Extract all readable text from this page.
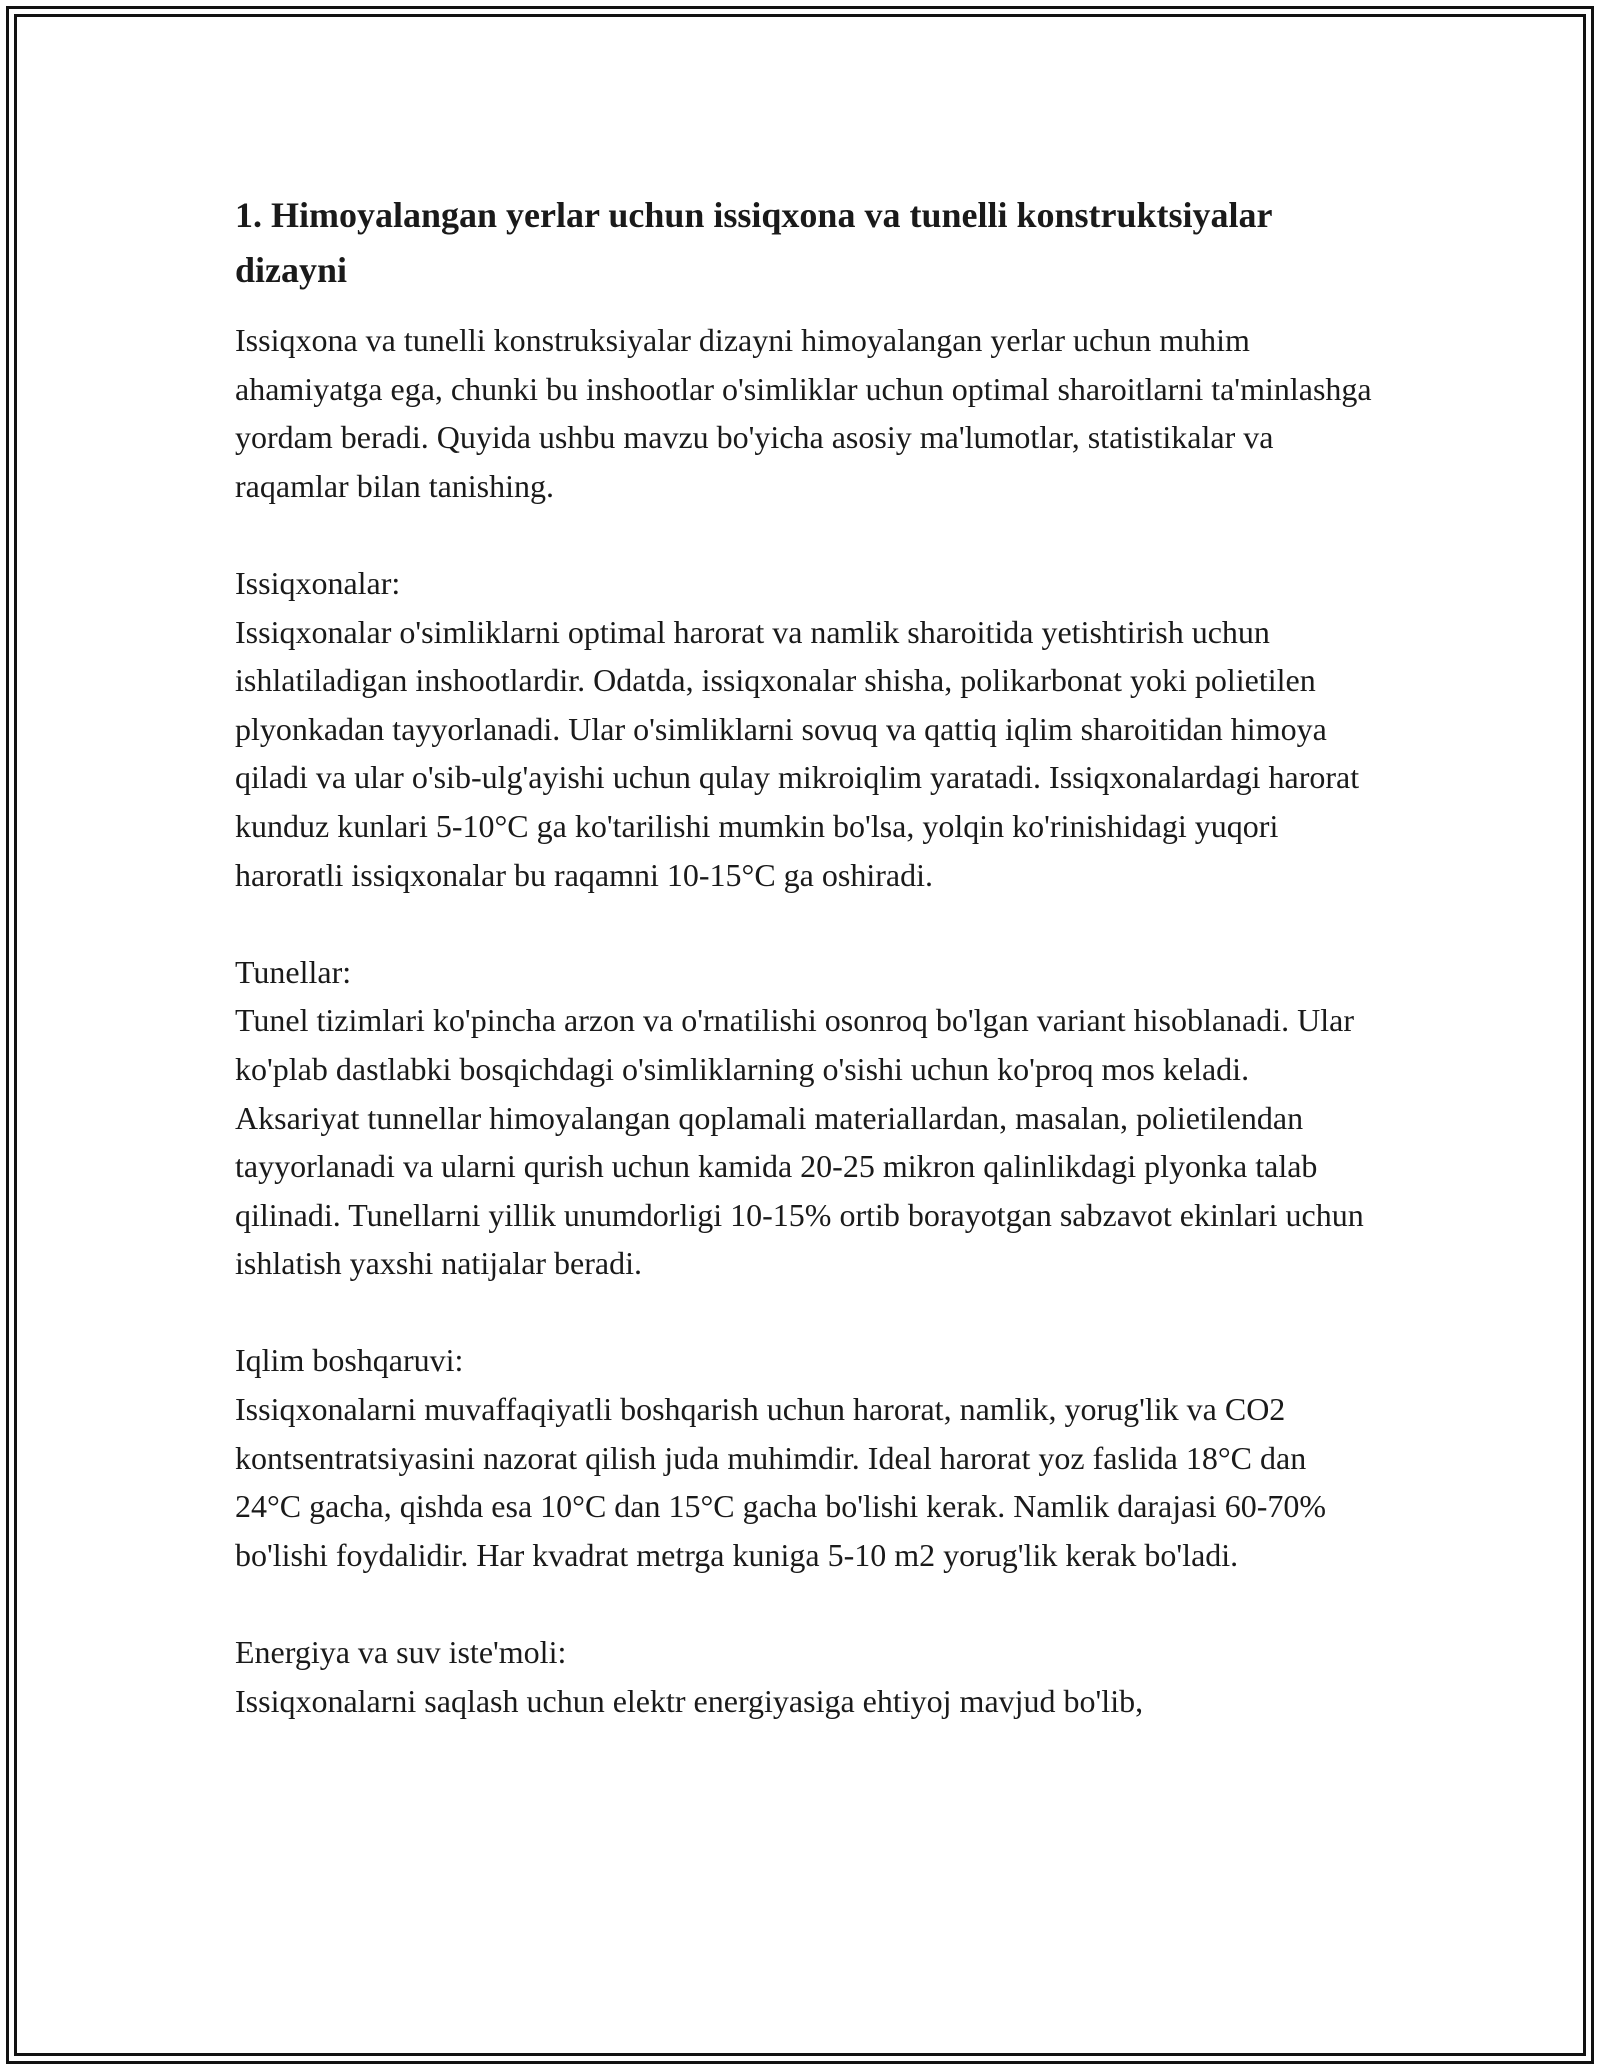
1. Himoyalangan yerlar uchun issiqxona va tunelli konstruktsiyalar dizayni

Issiqxona va tunelli konstruksiyalar dizayni himoyalangan yerlar uchun muhim ahamiyatga ega, chunki bu inshootlar o'simliklar uchun optimal sharoitlarni ta'minlashga yordam beradi. Quyida ushbu mavzu bo'yicha asosiy ma'lumotlar, statistikalar va raqamlar bilan tanishing.

Issiqxonalar:

Issiqxonalar o'simliklarni optimal harorat va namlik sharoitida yetishtirish uchun ishlatiladigan inshootlardir. Odatda, issiqxonalar shisha, polikarbonat yoki polietilen plyonkadan tayyorlanadi. Ular o'simliklarni sovuq va qattiq iqlim sharoitidan himoya qiladi va ular o'sib-ulg'ayishi uchun qulay mikroiqlim yaratadi. Issiqxonalardagi harorat kunduz kunlari 5-10°C ga ko'tarilishi mumkin bo'lsa, yolqin ko'rinishidagi yuqori haroratli issiqxonalar bu raqamni 10-15°C ga oshiradi.

Tunellar:

Tunel tizimlari ko'pincha arzon va o'rnatilishi osonroq bo'lgan variant hisoblanadi. Ular ko'plab dastlabki bosqichdagi o'simliklarning o'sishi uchun ko'proq mos keladi. Aksariyat tunnellar himoyalangan qoplamali materiallardan, masalan, polietilendan tayyorlanadi va ularni qurish uchun kamida 20-25 mikron qalinlikdagi plyonka talab qilinadi. Tunellarni yillik unumdorligi 10-15% ortib borayotgan sabzavot ekinlari uchun ishlatish yaxshi natijalar beradi.

Iqlim boshqaruvi:

Issiqxonalarni muvaffaqiyatli boshqarish uchun harorat, namlik, yorug'lik va CO2 kontsentratsiyasini nazorat qilish juda muhimdir. Ideal harorat yoz faslida 18°C dan 24°C gacha, qishda esa 10°C dan 15°C gacha bo'lishi kerak. Namlik darajasi 60-70% bo'lishi foydalidir. Har kvadrat metrga kuniga 5-10 m2 yorug'lik kerak bo'ladi.

Energiya va suv iste'moli:

Issiqxonalarni saqlash uchun elektr energiyasiga ehtiyoj mavjud bo'lib,
